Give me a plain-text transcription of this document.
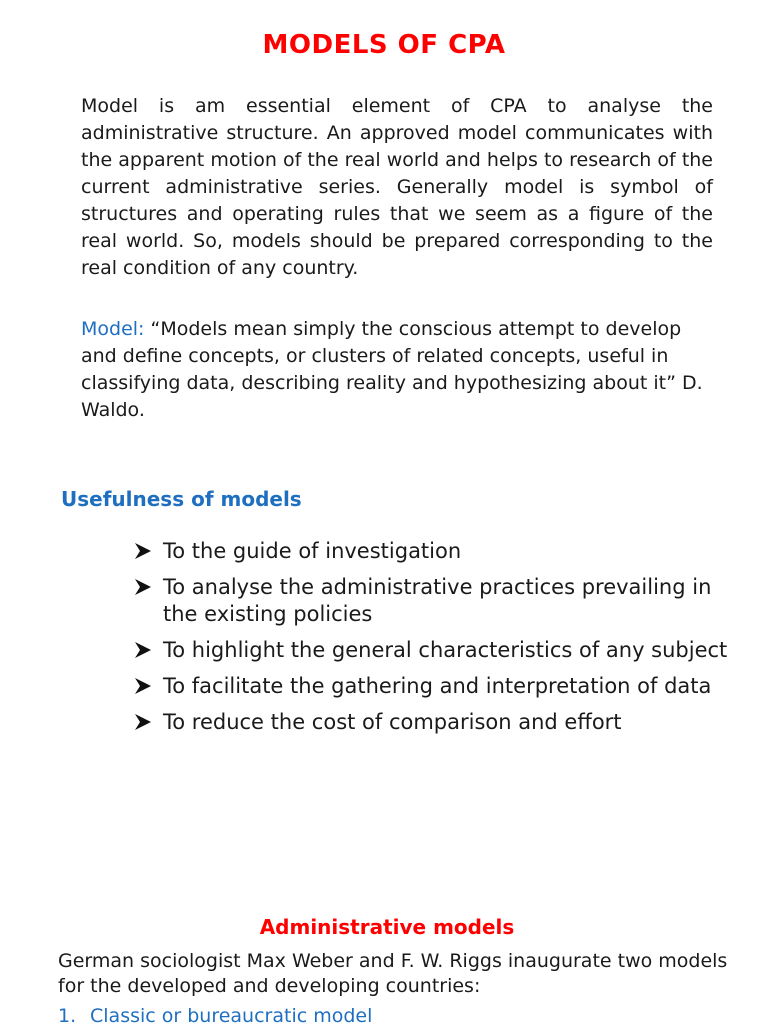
MODELS OF CPA

Model is am essential element of CPA to analyse the administrative structure. An approved model communicates with the apparent motion of the real world and helps to research of the current administrative series. Generally model is symbol of structures and operating rules that we seem as a figure of the real world. So, models should be prepared corresponding to the real condition of any country.

Model: “Models mean simply the conscious attempt to develop and define concepts, or clusters of related concepts, useful in classifying data, describing reality and hypothesizing about it” D. Waldo.

Usefulness of models
To the guide of investigation
To analyse the administrative practices prevailing in the existing policies
To highlight the general characteristics of any subject
To facilitate the gathering and interpretation of data
To reduce the cost of comparison and effort
Administrative models

German sociologist Max Weber and F. W. Riggs inaugurate two models for the developed and developing countries:

1. Classic or bureaucratic model
